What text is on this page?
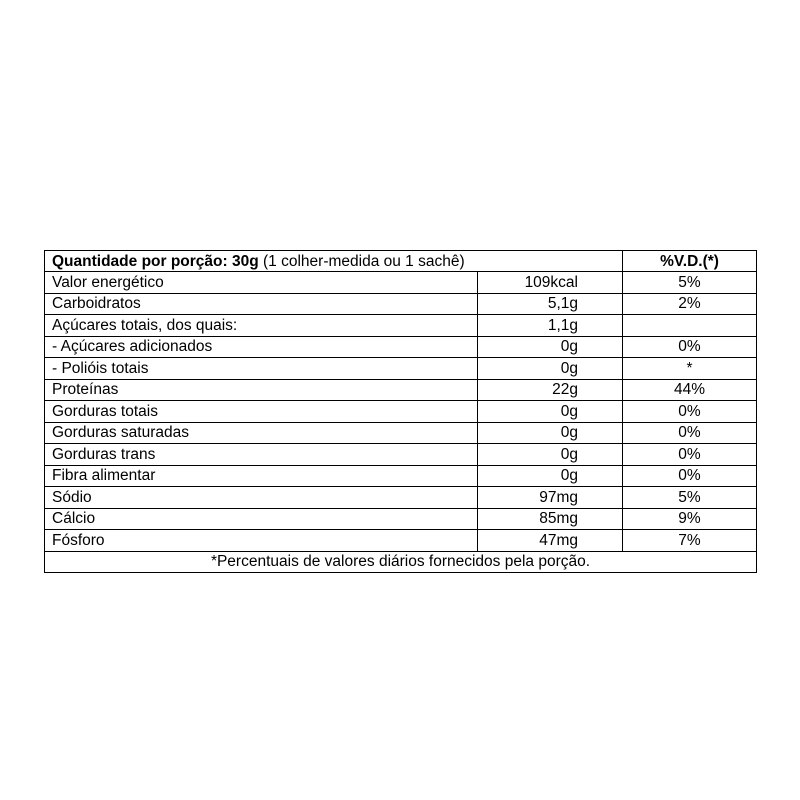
Quantidade por porção: 30g (1 colher-medida ou 1 sachê)		%V.D.(*)
Valor energético	109kcal	5%
Carboidratos	5,1g	2%
Açúcares totais, dos quais:	1,1g	
- Açúcares adicionados	0g	0%
- Polióis totais	0g	*
Proteínas	22g	44%
Gorduras totais	0g	0%
Gorduras saturadas	0g	0%
Gorduras trans	0g	0%
Fibra alimentar	0g	0%
Sódio	97mg	5%
Cálcio	85mg	9%
Fósforo	47mg	7%
*Percentuais de valores diários fornecidos pela porção.		
